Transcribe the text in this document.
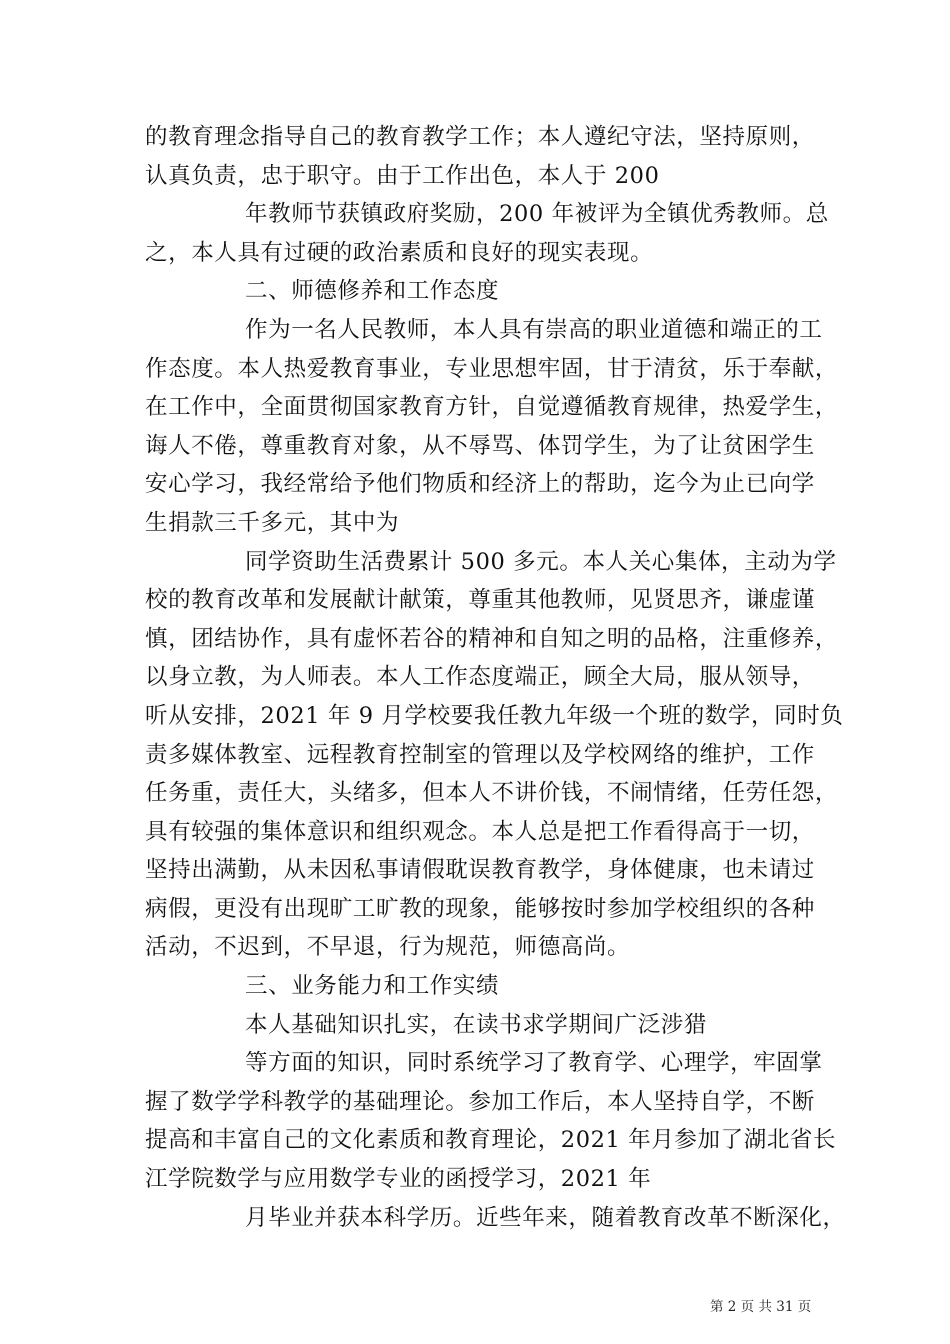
的教育理念指导自己的教育教学工作；本人遵纪守法，坚持原则，
认真负责，忠于职守。由于工作出色，本人于 200
年教师节获镇政府奖励，200 年被评为全镇优秀教师。总
之，本人具有过硬的政治素质和良好的现实表现。
二、师德修养和工作态度
作为一名人民教师，本人具有崇高的职业道德和端正的工
作态度。本人热爱教育事业，专业思想牢固，甘于清贫，乐于奉献，
在工作中，全面贯彻国家教育方针，自觉遵循教育规律，热爱学生，
诲人不倦，尊重教育对象，从不辱骂、体罚学生，为了让贫困学生
安心学习，我经常给予他们物质和经济上的帮助，迄今为止已向学
生捐款三千多元，其中为
同学资助生活费累计 500 多元。本人关心集体，主动为学
校的教育改革和发展献计献策，尊重其他教师，见贤思齐，谦虚谨
慎，团结协作，具有虚怀若谷的精神和自知之明的品格，注重修养，
以身立教，为人师表。本人工作态度端正，顾全大局，服从领导，
听从安排，2021 年 9 月学校要我任教九年级一个班的数学，同时负
责多媒体教室、远程教育控制室的管理以及学校网络的维护，工作
任务重，责任大，头绪多，但本人不讲价钱，不闹情绪，任劳任怨，
具有较强的集体意识和组织观念。本人总是把工作看得高于一切，
坚持出满勤，从未因私事请假耽误教育教学，身体健康，也未请过
病假，更没有出现旷工旷教的现象，能够按时参加学校组织的各种
活动，不迟到，不早退，行为规范，师德高尚。
三、业务能力和工作实绩
本人基础知识扎实，在读书求学期间广泛涉猎
等方面的知识，同时系统学习了教育学、心理学，牢固掌
握了数学学科教学的基础理论。参加工作后，本人坚持自学，不断
提高和丰富自己的文化素质和教育理论，2021 年月参加了湖北省长
江学院数学与应用数学专业的函授学习，2021 年
月毕业并获本科学历。近些年来，随着教育改革不断深化，
第 2 页 共 31 页
